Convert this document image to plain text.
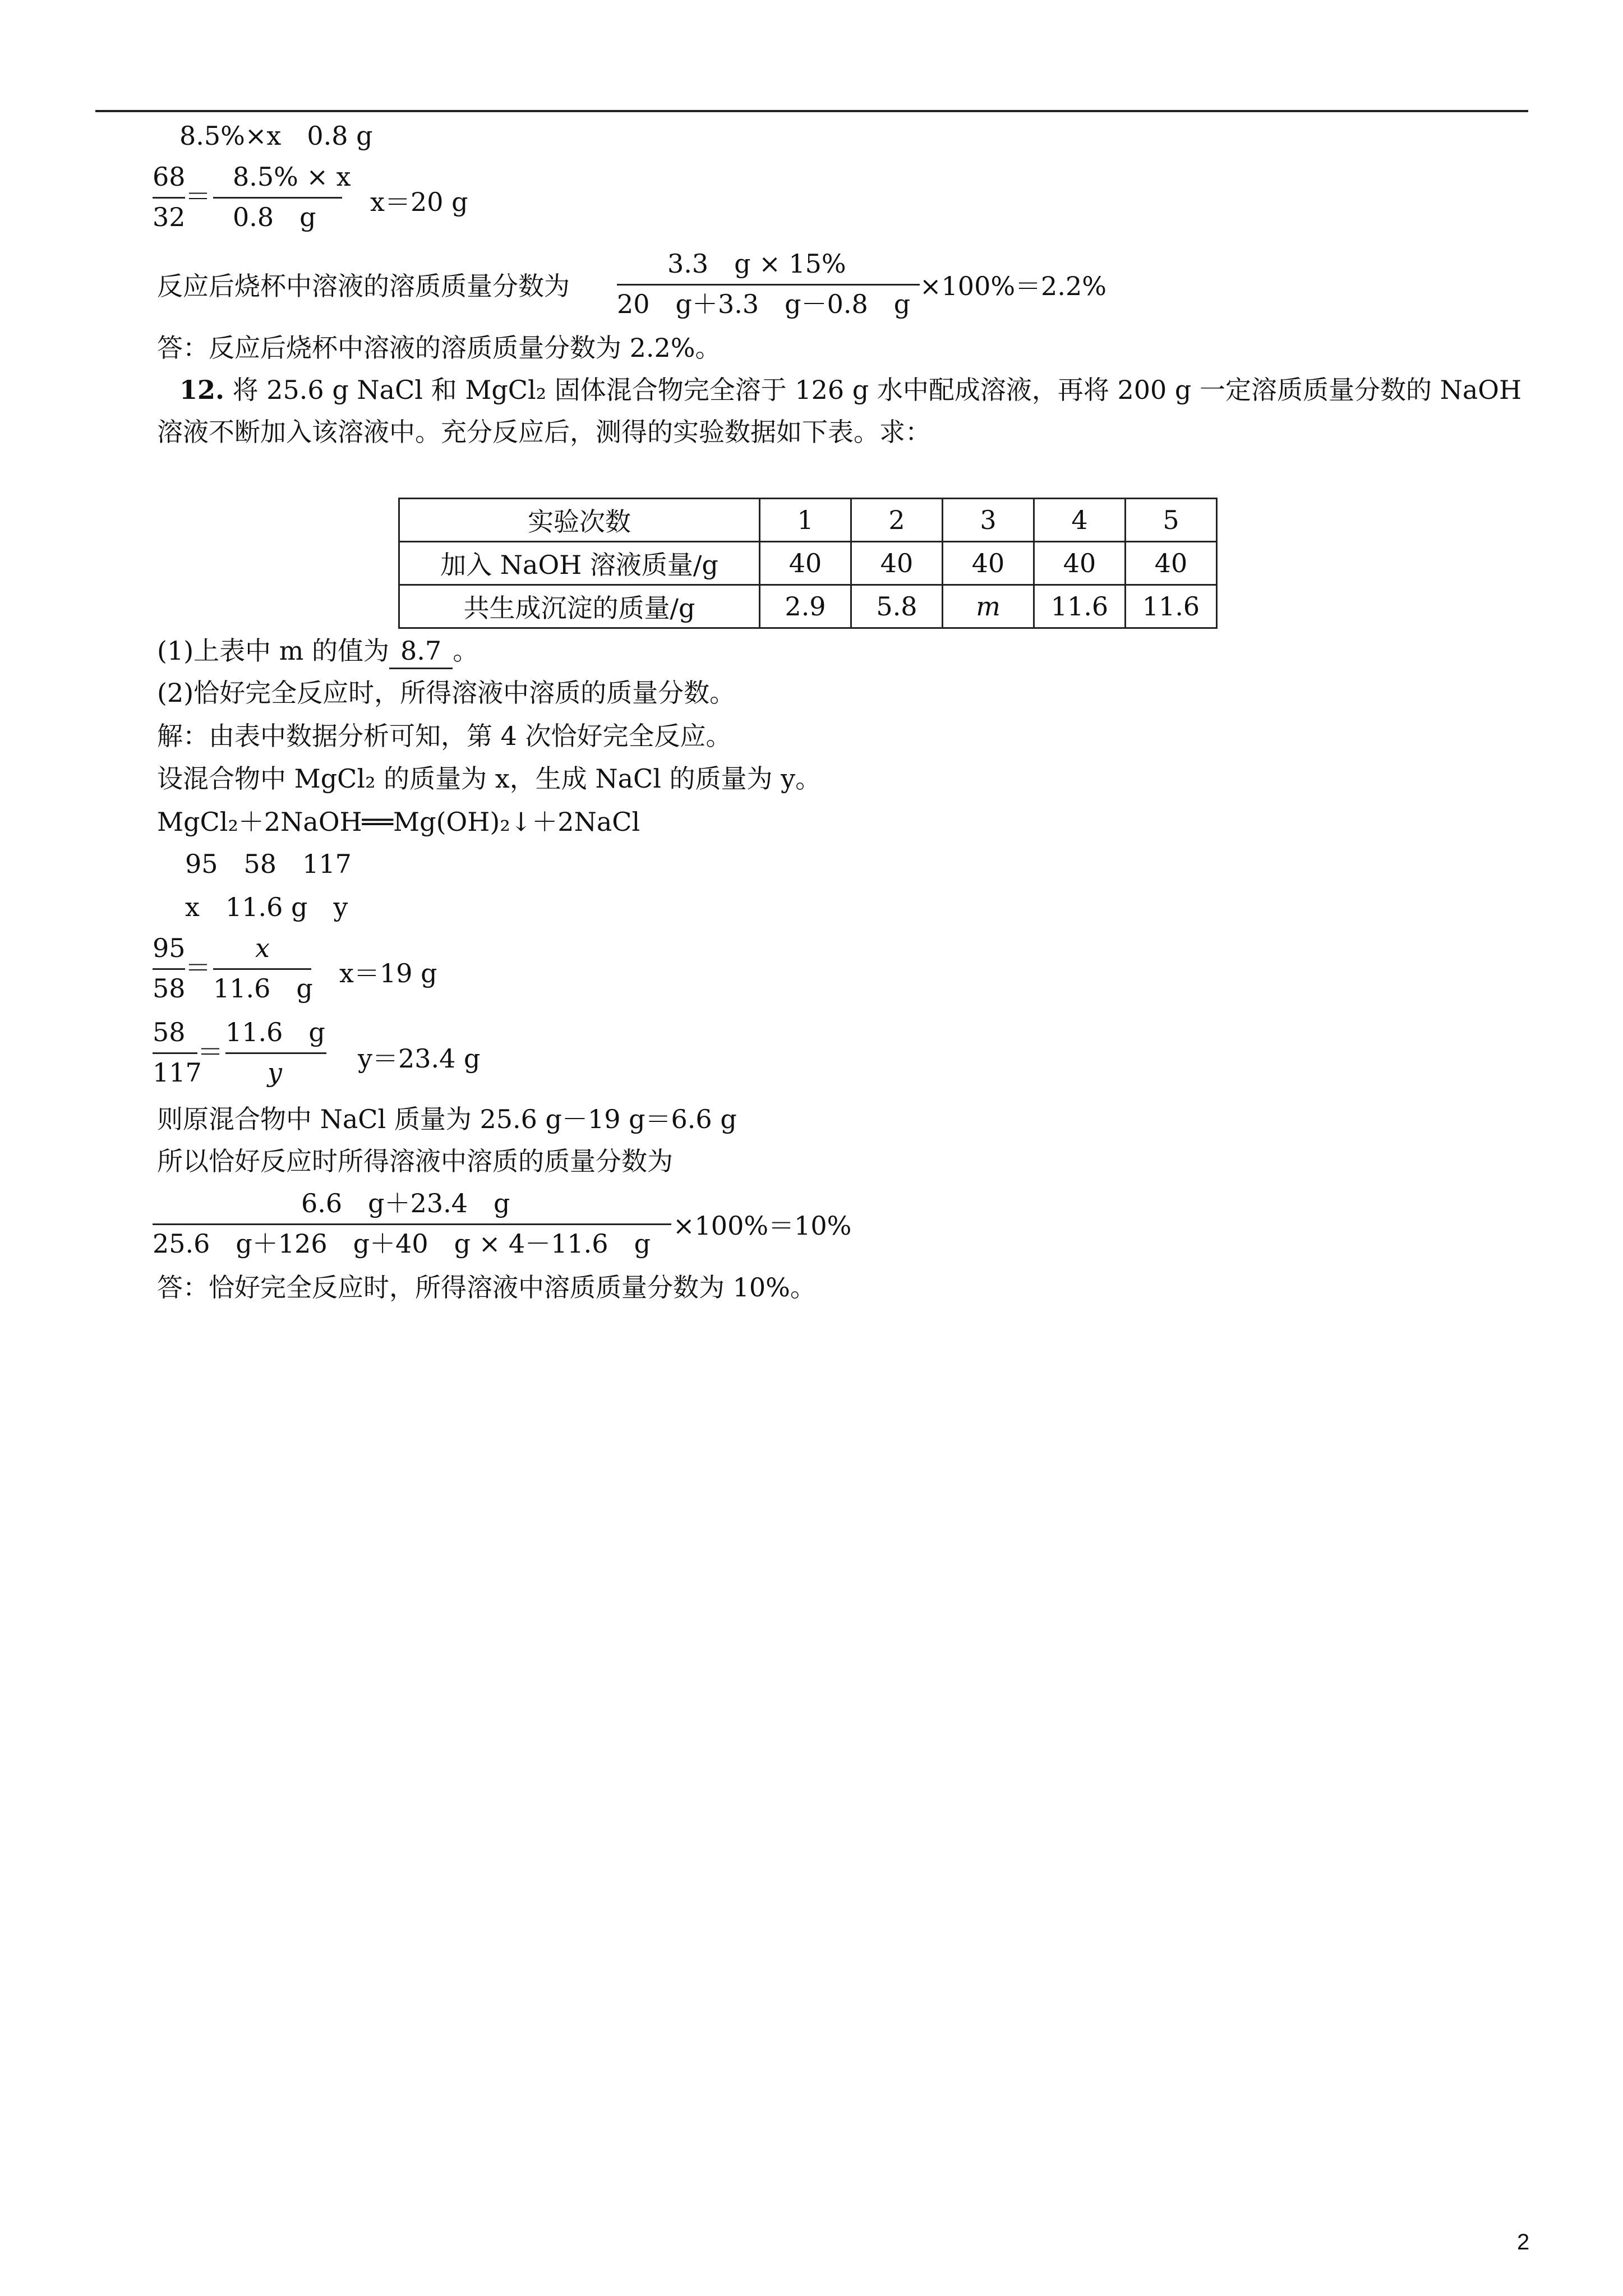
8.5%×x　0.8 g
68
32
＝
8.5% × x
0.8　g x＝20 g
反应后烧杯中溶液的溶质质量分数为
3.3　g × 15%
20　g＋3.3　g－0.8　g
×100%＝2.2%
答：反应后烧杯中溶液的溶质质量分数为 2.2%。
12. 将 25.6 g NaCl 和 MgCl₂ 固体混合物完全溶于 126 g 水中配成溶液，再将 200 g 一定溶质质量分数的 NaOH
溶液不断加入该溶液中。充分反应后，测得的实验数据如下表。求：
实验次数	1	2	3	4	5
加入 NaOH 溶液质量/g	40	40	40	40	40
共生成沉淀的质量/g	2.9	5.8	m	11.6	11.6
(1)上表中 m 的值为 8.7 。
(2)恰好完全反应时，所得溶液中溶质的质量分数。
解：由表中数据分析可知，第 4 次恰好完全反应。
设混合物中 MgCl₂ 的质量为 x，生成 NaCl 的质量为 y。
MgCl₂＋2NaOH══Mg(OH)₂↓＋2NaCl
95　58　117
x　11.6 g　y
95
58
＝
x
11.6　g x＝19 g
58
117
＝
11.6　g
y	y＝23.4 g
则原混合物中 NaCl 质量为 25.6 g－19 g＝6.6 g
所以恰好反应时所得溶液中溶质的质量分数为
6.6　g＋23.4　g
25.6　g＋126　g＋40　g × 4－11.6　g
×100%＝10%
答：恰好完全反应时，所得溶液中溶质质量分数为 10%。
2
